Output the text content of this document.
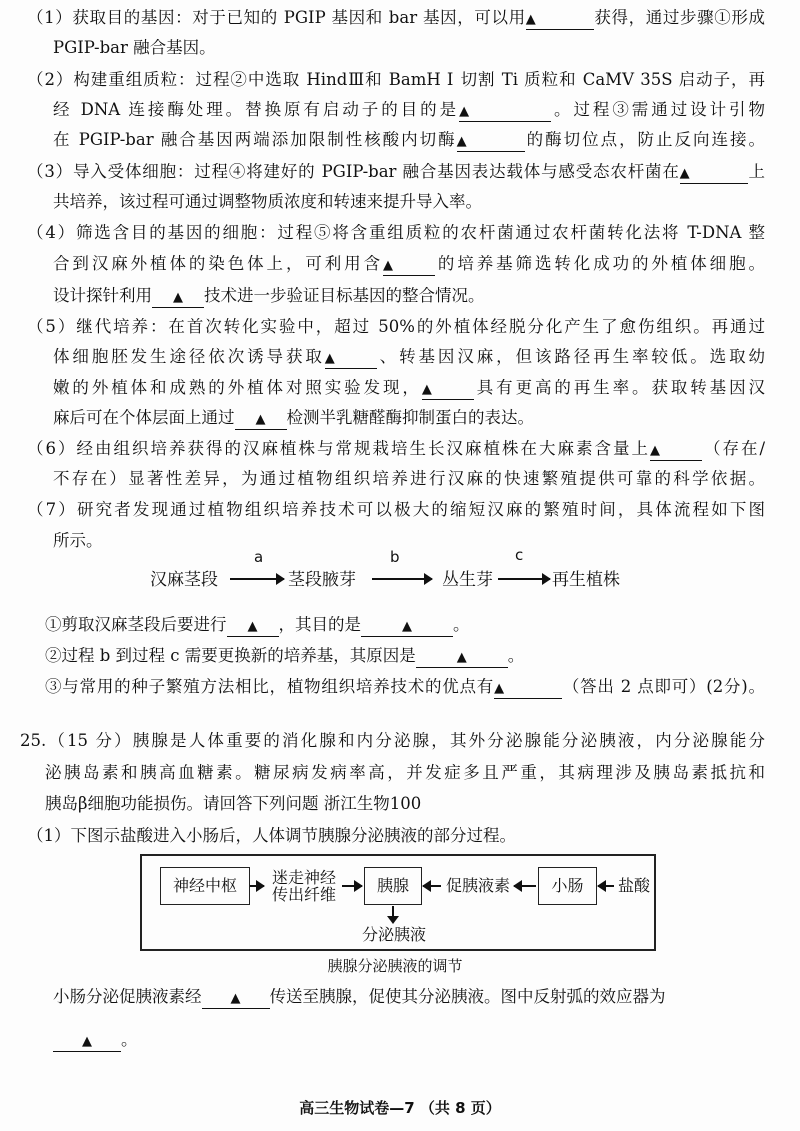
（1）获取目的基因：对于已知的 PGIP 基因和 bar 基因，可以用▲	获得，通过步骤①形成
PGIP-bar 融合基因。
（2）构建重组质粒：过程②中选取 HindⅢ和 BamH Ⅰ 切割 Ti 质粒和 CaMV 35S 启动子，再
经 DNA 连接酶处理。替换原有启动子的目的是▲	。过程③需通过设计引物
在 PGIP-bar 融合基因两端添加限制性核酸内切酶▲	的酶切位点，防止反向连接。
（3）导入受体细胞：过程④将建好的 PGIP-bar 融合基因表达载体与感受态农杆菌在▲	上
共培养，该过程可通过调整物质浓度和转速来提升导入率。
（4）筛选含目的基因的细胞：过程⑤将含重组质粒的农杆菌通过农杆菌转化法将 T-DNA 整
合到汉麻外植体的染色体上，可利用含▲	的培养基筛选转化成功的外植体细胞。
设计探针利用 ▲ 技术进一步验证目标基因的整合情况。
（5）继代培养：在首次转化实验中，超过 50%的外植体经脱分化产生了愈伤组织。再通过
体细胞胚发生途径依次诱导获取▲	、转基因汉麻，但该路径再生率较低。选取幼
嫩的外植体和成熟的外植体对照实验发现，▲	具有更高的再生率。获取转基因汉
麻后可在个体层面上通过 ▲ 检测半乳糖醛酶抑制蛋白的表达。
（6）经由组织培养获得的汉麻植株与常规栽培生长汉麻植株在大麻素含量上▲	（存在/
不存在）显著性差异，为通过植物组织培养进行汉麻的快速繁殖提供可靠的科学依据。
（7）研究者发现通过植物组织培养技术可以极大的缩短汉麻的繁殖时间，具体流程如下图
所示。
①剪取汉麻茎段后要进行 ▲ ，其目的是	▲ 。
②过程 b 到过程 c 需要更换新的培养基，其原因是	▲ 。
③与常用的种子繁殖方法相比，植物组织培养技术的优点有▲	（答出 2 点即可）(2分)。
25.（15 分）胰腺是人体重要的消化腺和内分泌腺，其外分泌腺能分泌胰液，内分泌腺能分
泌胰岛素和胰高血糖素。糖尿病发病率高，并发症多且严重，其病理涉及胰岛素抵抗和
胰岛β细胞功能损伤。请回答下列问题 浙江生物100
（1）下图示盐酸进入小肠后，人体调节胰腺分泌胰液的部分过程。
小肠分泌促胰液素经 ▲ 传送至胰腺，促使其分泌胰液。图中反射弧的效应器为
▲ 。
a	b	c
汉麻茎段	茎段腋芽	丛生芽	再生植株
神经中枢	迷走神经
传出纤维	胰腺	促胰液素	小肠	盐酸
分泌胰液
胰腺分泌胰液的调节
高三生物试卷—7 （共 8 页）
